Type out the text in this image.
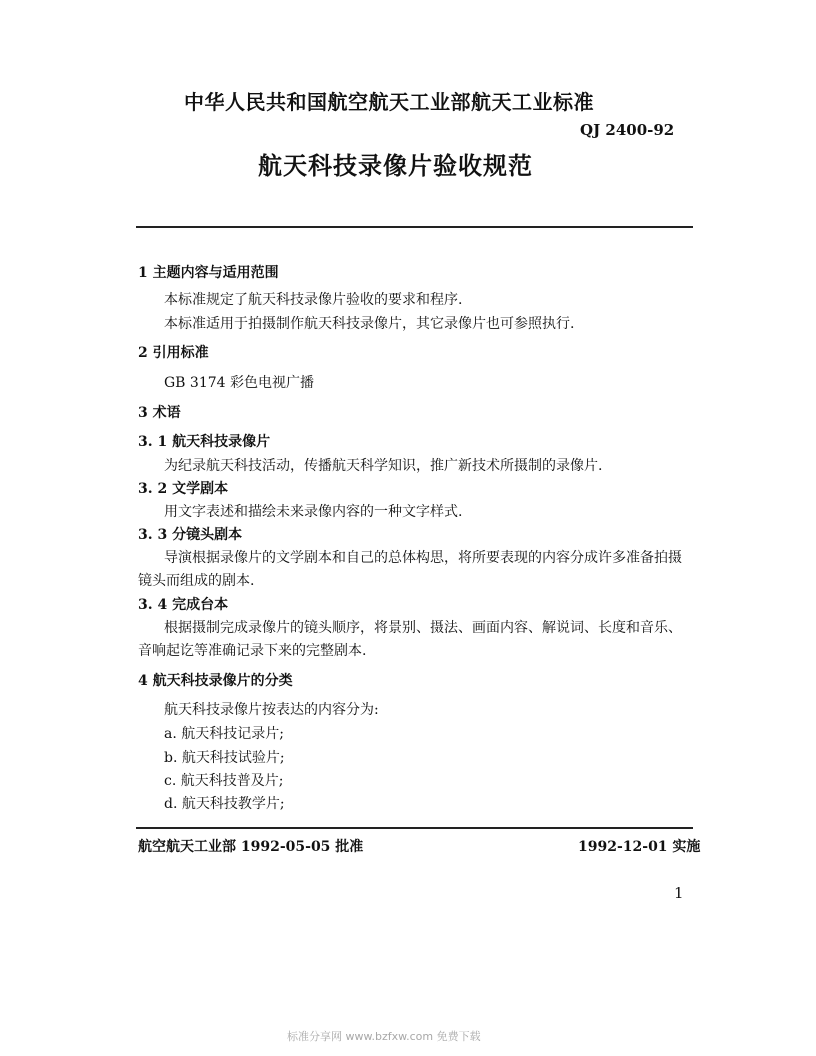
中华人民共和国航空航天工业部航天工业标准
QJ 2400-92
航天科技录像片验收规范
1 主题内容与适用范围
本标准规定了航天科技录像片验收的要求和程序.
本标准适用于拍摄制作航天科技录像片，其它录像片也可参照执行.
2 引用标准
GB 3174 彩色电视广播
3 术语
3. 1 航天科技录像片
为纪录航天科技活动，传播航天科学知识，推广新技术所摄制的录像片.
3. 2 文学剧本
用文字表述和描绘未来录像内容的一种文字样式.
3. 3 分镜头剧本
导演根据录像片的文学剧本和自己的总体构思，将所要表现的内容分成许多准备拍摄
镜头而组成的剧本.
3. 4 完成台本
根据摄制完成录像片的镜头顺序，将景别、摄法、画面内容、解说词、长度和音乐、
音响起讫等准确记录下来的完整剧本.
4 航天科技录像片的分类
航天科技录像片按表达的内容分为:
a. 航天科技记录片;
b. 航天科技试验片;
c. 航天科技普及片;
d. 航天科技教学片;
航空航天工业部 1992-05-05 批准	1992-12-01 实施
1
标准分享网 www.bzfxw.com 免费下载
